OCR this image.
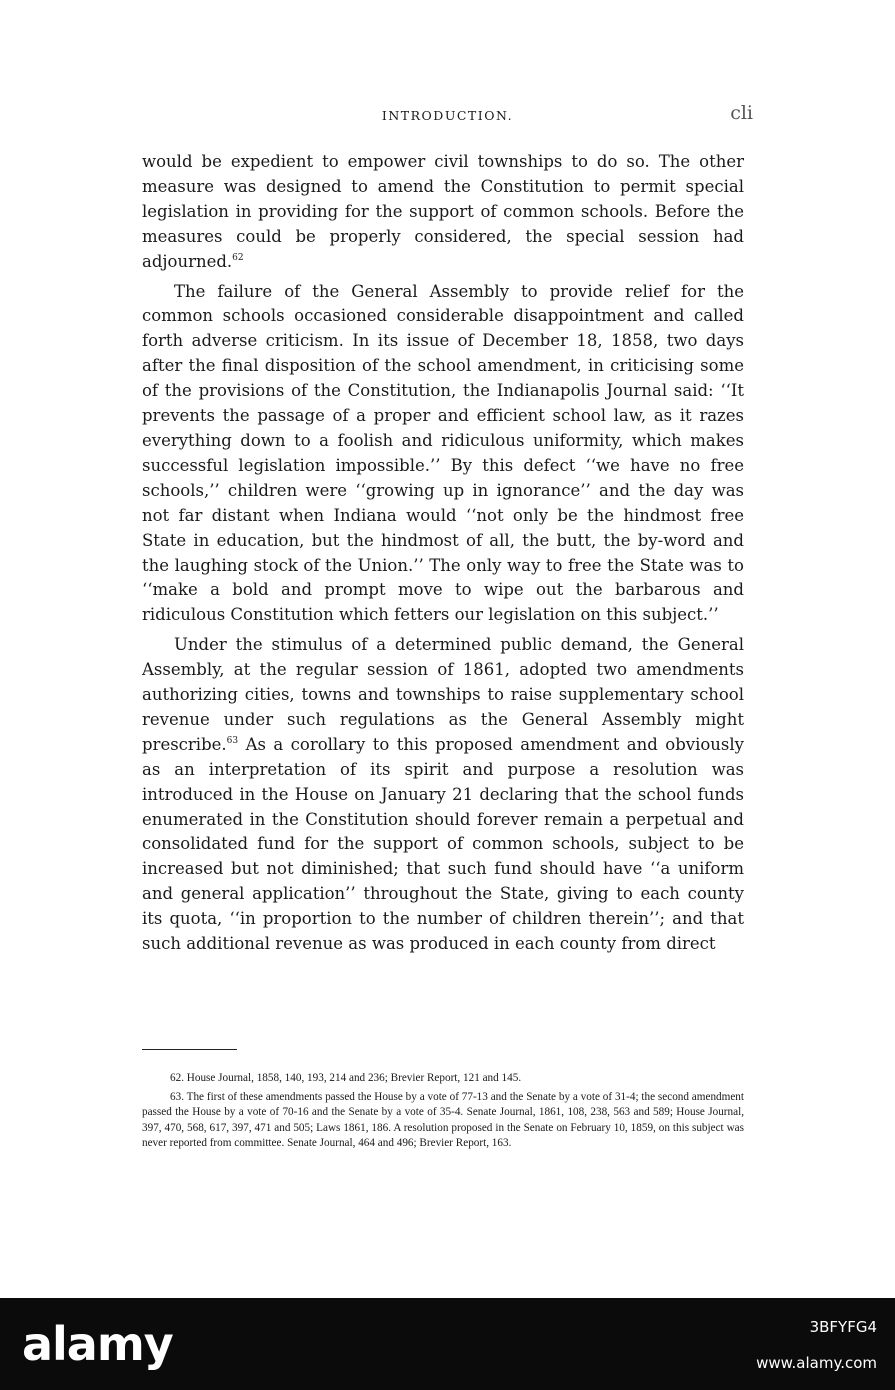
INTRODUCTION.	cli

would be expedient to empower civil townships to do so. The other measure was designed to amend the Constitution to permit special legislation in providing for the support of common schools. Before the measures could be properly considered, the special session had adjourned.$^{62}$

The failure of the General Assembly to provide relief for the common schools occasioned considerable disappointment and called forth adverse criticism. In its issue of December 18, 1858, two days after the final disposition of the school amendment, in criticising some of the provisions of the Constitution, the Indianapolis Journal said: ‘‘It prevents the passage of a proper and efficient school law, as it razes everything down to a foolish and ridiculous uniformity, which makes successful legislation impossible.’’ By this defect ‘‘we have no free schools,’’ children were ‘‘growing up in ignorance’’ and the day was not far distant when Indiana would ‘‘not only be the hindmost free State in education, but the hindmost of all, the butt, the by-word and the laughing stock of the Union.’’ The only way to free the State was to ‘‘make a bold and prompt move to wipe out the barbarous and ridiculous Constitution which fetters our legislation on this subject.’’

Under the stimulus of a determined public demand, the General Assembly, at the regular session of 1861, adopted two amendments authorizing cities, towns and townships to raise supplementary school revenue under such regulations as the General Assembly might prescribe.$^{63}$ As a corollary to this proposed amendment and obviously as an interpretation of its spirit and purpose a resolution was introduced in the House on January 21 declaring that the school funds enumerated in the Constitution should forever remain a perpetual and consolidated fund for the support of common schools, subject to be increased but not diminished; that such fund should have ‘‘a uniform and general application’’ throughout the State, giving to each county its quota, ‘‘in proportion to the number of children therein’’; and that such additional revenue as was produced in each county from direct

62. House Journal, 1858, 140, 193, 214 and 236; Brevier Report, 121 and 145.

63. The first of these amendments passed the House by a vote of 77-13 and the Senate by a vote of 31-4; the second amendment passed the House by a vote of 70-16 and the Senate by a vote of 35-4. Senate Journal, 1861, 108, 238, 563 and 589; House Journal, 397, 470, 568, 617, 397, 471 and 505; Laws 1861, 186. A resolution proposed in the Senate on February 10, 1859, on this subject was never reported from committee. Senate Journal, 464 and 496; Brevier Report, 163.

alamy	3BFYFG4
www.alamy.com
